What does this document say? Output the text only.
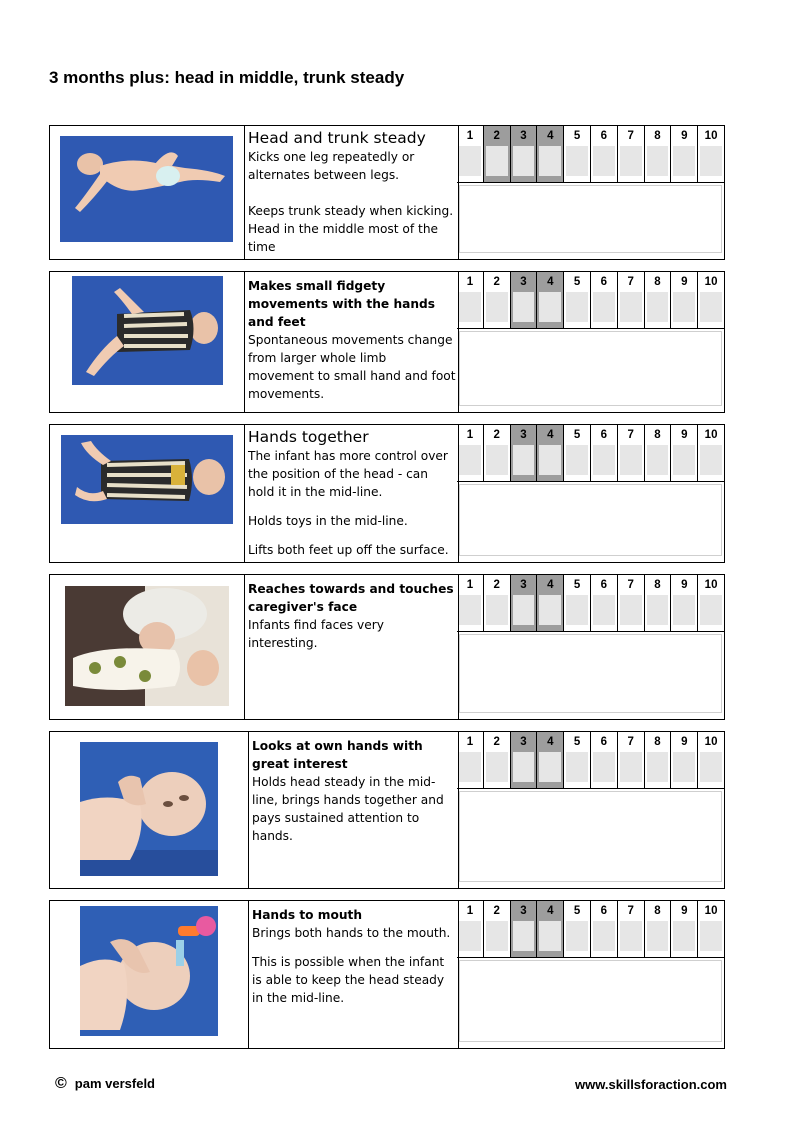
3 months plus: head in middle, trunk steady
Head and trunk steady
Kicks one leg repeatedly or alternates between legs.
Keeps trunk steady when kicking. Head in the middle most of the time
1	2	3	4	5	6	7	8	9	10
Makes small fidgety movements with the hands and feet
Spontaneous movements change from larger whole limb movement to small hand and foot movements.
1	2	3	4	5	6	7	8	9	10
Hands together
The infant has more control over the position of the head - can hold it in the mid-line.
Holds toys in the mid-line.
Lifts both feet up off the surface.
1	2	3	4	5	6	7	8	9	10
Reaches towards and touches caregiver's face
Infants find faces very interesting.
1	2	3	4	5	6	7	8	9	10
Looks at own hands with great interest
Holds head steady in the mid-line, brings hands together and pays sustained attention to hands.
1	2	3	4	5	6	7	8	9	10
Hands to mouth
Brings both hands to the mouth.
This is possible when the infant is able to keep the head steady in the mid-line.
1	2	3	4	5	6	7	8	9	10
© pam versfeld	www.skillsforaction.com
